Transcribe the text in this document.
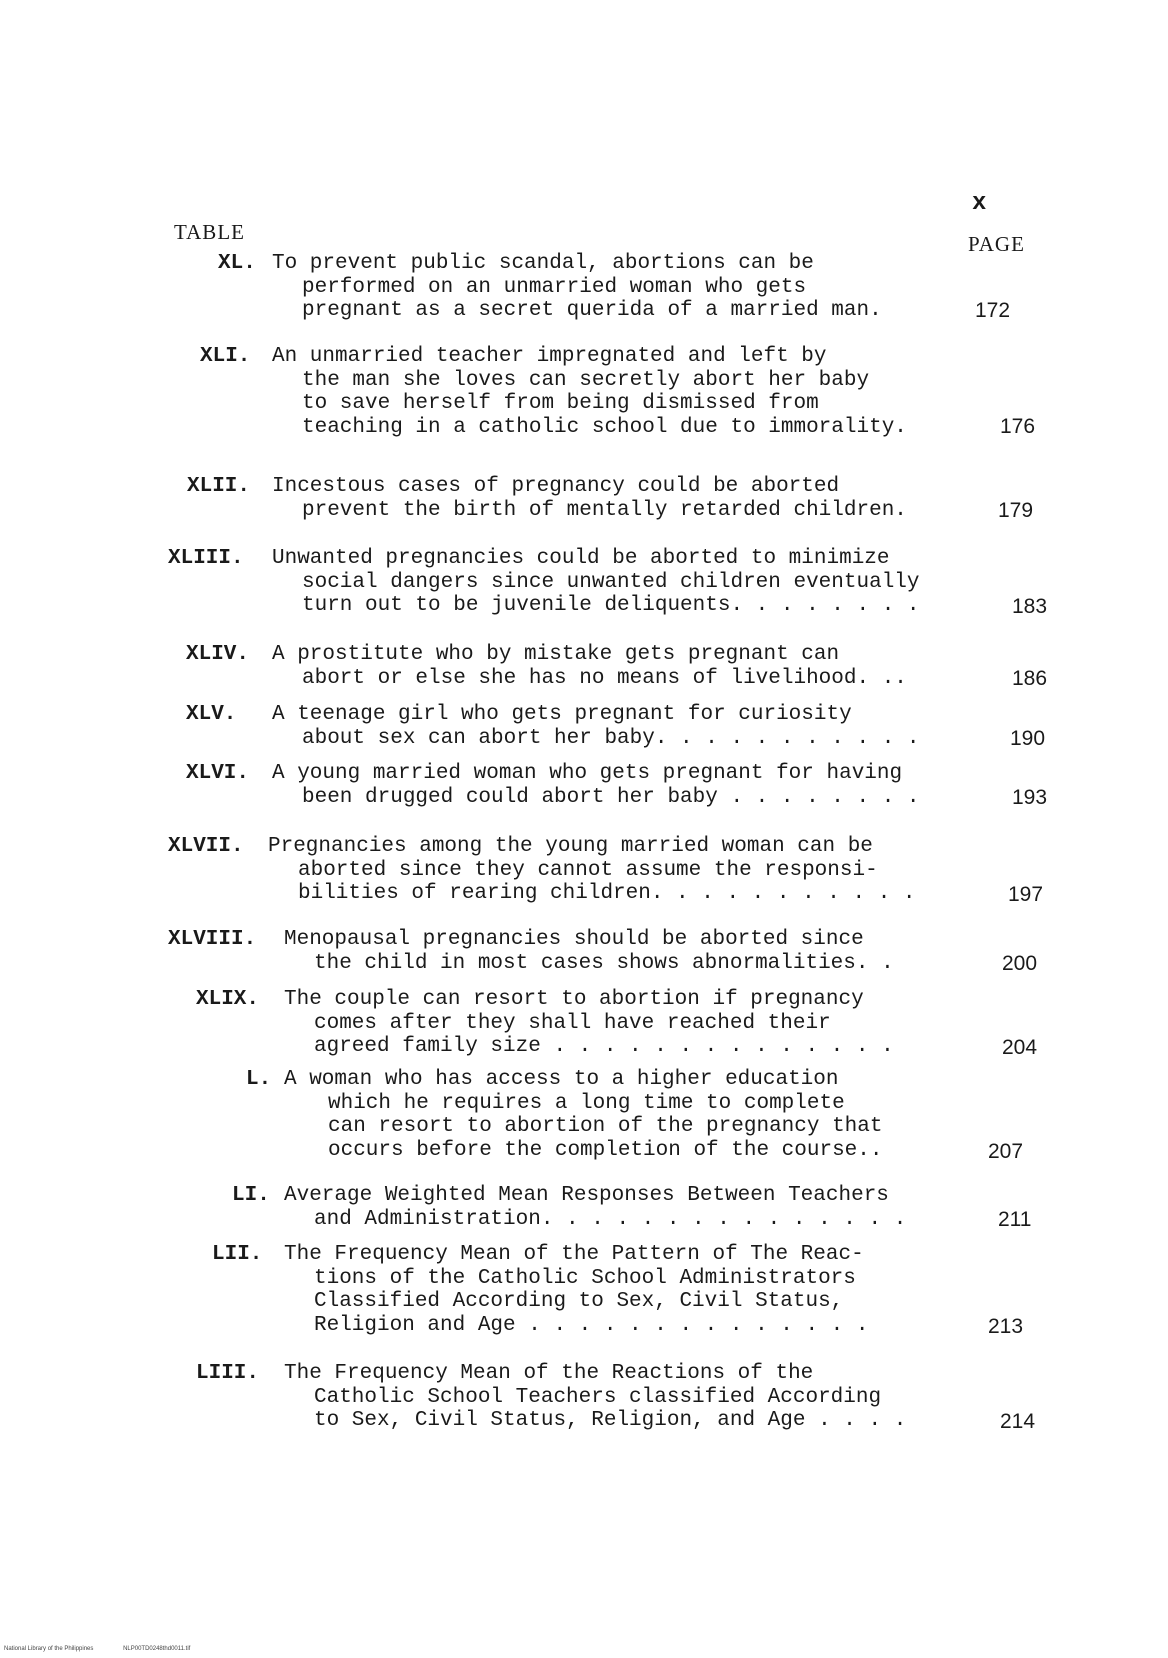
x
TABLE	PAGE
XL. To prevent public scandal, abortions can be
performed on an unmarried woman who gets
pregnant as a secret querida of a married man.	172
XLI. An unmarried teacher impregnated and left by
the man she loves can secretly abort her baby
to save herself from being dismissed from
teaching in a catholic school due to immorality.	176
XLII. Incestous cases of pregnancy could be aborted
prevent the birth of mentally retarded children.	179
XLIII. Unwanted pregnancies could be aborted to minimize
social dangers since unwanted children eventually
turn out to be juvenile deliquents. . . . . . . .	183
XLIV. A prostitute who by mistake gets pregnant can
abort or else she has no means of livelihood. ..	186
XLV. A teenage girl who gets pregnant for curiosity
about sex can abort her baby. . . . . . . . . . .	190
XLVI. A young married woman who gets pregnant for having
been drugged could abort her baby . . . . . . . .	193
XLVII. Pregnancies among the young married woman can be
aborted since they cannot assume the responsi-
bilities of rearing children. . . . . . . . . . .	197
XLVIII. Menopausal pregnancies should be aborted since
the child in most cases shows abnormalities. .	200
XLIX. The couple can resort to abortion if pregnancy
comes after they shall have reached their
agreed family size . . . . . . . . . . . . . .	204
L. A woman who has access to a higher education
which he requires a long time to complete
can resort to abortion of the pregnancy that
occurs before the completion of the course..	207
LI. Average Weighted Mean Responses Between Teachers
and Administration. . . . . . . . . . . . . . .	211
LII. The Frequency Mean of the Pattern of The Reac-
tions of the Catholic School Administrators
Classified According to Sex, Civil Status,
Religion and Age . . . . . . . . . . . . . .	213
LIII. The Frequency Mean of the Reactions of the
Catholic School Teachers classified According
to Sex, Civil Status, Religion, and Age . . . .	214
National Library of the Philippines	NLP00TD0248thd0011.tif
